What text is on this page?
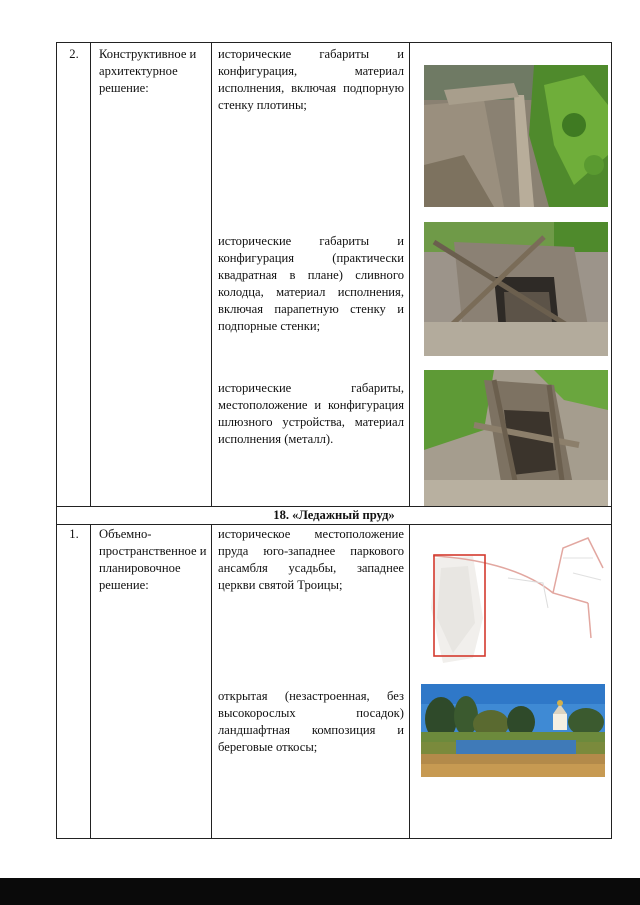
2.	Конструктивное и архитектурное решение:
исторические габариты и конфигурация, материал исполнения, включая подпорную стенку плотины;
исторические габариты и конфигурация (практически квадратная в плане) сливного колодца, материал исполнения, включая парапетную стенку и подпорные стенки;
исторические габариты, местоположение и конфигурация шлюзного устройства, материал исполнения (металл).
18. «Ледажный пруд»
1.	Объемно-пространственное и планировочное решение:
историческое местоположение пруда юго-западнее паркового ансамбля усадьбы, западнее церкви святой Троицы;
открытая (незастроенная, без высокорослых посадок) ландшафтная композиция и береговые откосы;
